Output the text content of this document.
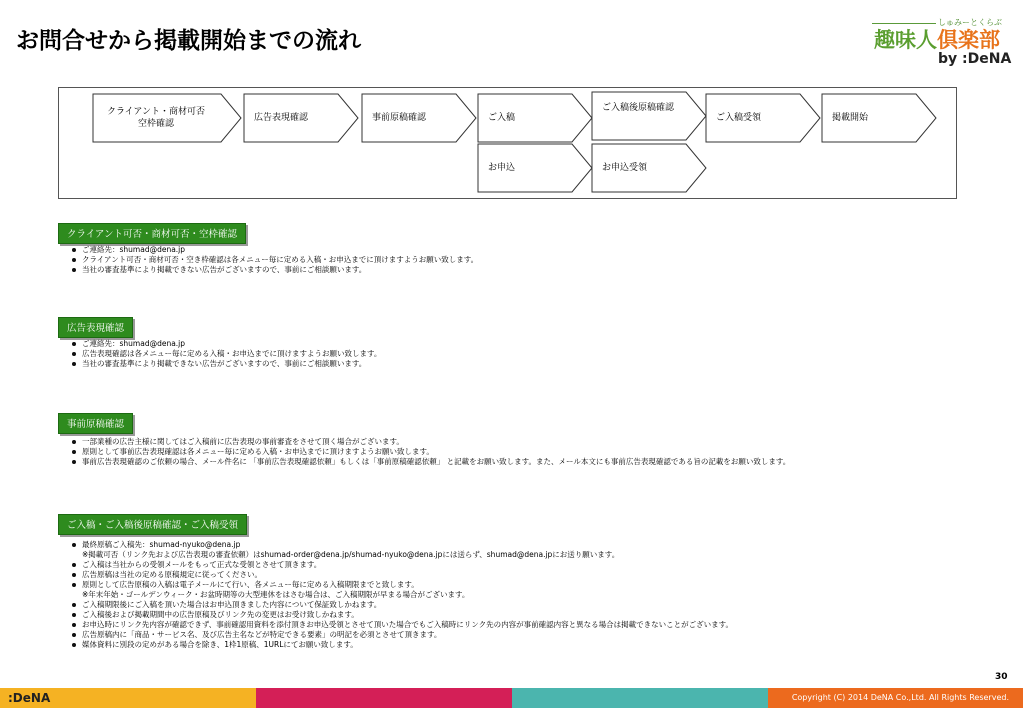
お問合せから掲載開始までの流れ
しゅみーとくらぶ
趣味人倶楽部
by :DeNA
クライアント・商材可否
空枠確認
広告表現確認	事前原稿確認	ご入稿
ご入稿後原稿確認
ご入稿受領	掲載開始
お申込	お申込受領
クライアント可否・商材可否・空枠確認
ご連絡先：shumad@dena.jp
クライアント可否・商材可否・空き枠確認は各メニュー毎に定める入稿・お申込までに頂けますようお願い致します。
当社の審査基準により掲載できない広告がございますので、事前にご相談願います。
広告表現確認
ご連絡先：shumad@dena.jp
広告表現確認は各メニュー毎に定める入稿・お申込までに頂けますようお願い致します。
当社の審査基準により掲載できない広告がございますので、事前にご相談願います。
事前原稿確認
一部業種の広告主様に関してはご入稿前に広告表現の事前審査をさせて頂く場合がございます。
原則として事前広告表現確認は各メニュー毎に定める入稿・お申込までに頂けますようお願い致します。
事前広告表現確認のご依頼の場合、メール件名に 「事前広告表現確認依頼」もしくは「事前原稿確認依頼」 と記載をお願い致します。また、メール本文にも事前広告表現確認である旨の記載をお願い致します。
ご入稿・ご入稿後原稿確認・ご入稿受領
最終原稿ご入稿先：shumad-nyuko@dena.jp
※掲載可否（リンク先および広告表現の審査依頼）はshumad-order@dena.jp/shumad-nyuko@dena.jpには送らず、shumad@dena.jpにお送り願います。
ご入稿は当社からの受領メールをもって正式な受領とさせて頂きます。
広告原稿は当社の定める原稿規定に従ってください。
原則として広告原稿の入稿は電子メールにて行い、各メニュー毎に定める入稿期限までと致します。
※年末年始・ゴールデンウィーク・お盆時期等の大型連休をはさむ場合は、ご入稿期限が早まる場合がございます。
ご入稿期限後にご入稿を頂いた場合はお申込頂きました内容について保証致しかねます。
ご入稿後および掲載期間中の広告原稿及びリンク先の変更はお受け致しかねます。
お申込時にリンク先内容が確認できず、事前確認用資料を添付頂きお申込受領とさせて頂いた場合でもご入稿時にリンク先の内容が事前確認内容と異なる場合は掲載できないことがございます。
広告原稿内に「商品・サービス名、及び広告主名などが特定できる要素」の明記を必須とさせて頂きます。
媒体資料に別段の定めがある場合を除き、1枠1原稿、1URLにてお願い致します。
30
:DeNA	Copyright (C) 2014 DeNA Co.,Ltd. All Rights Reserved.
